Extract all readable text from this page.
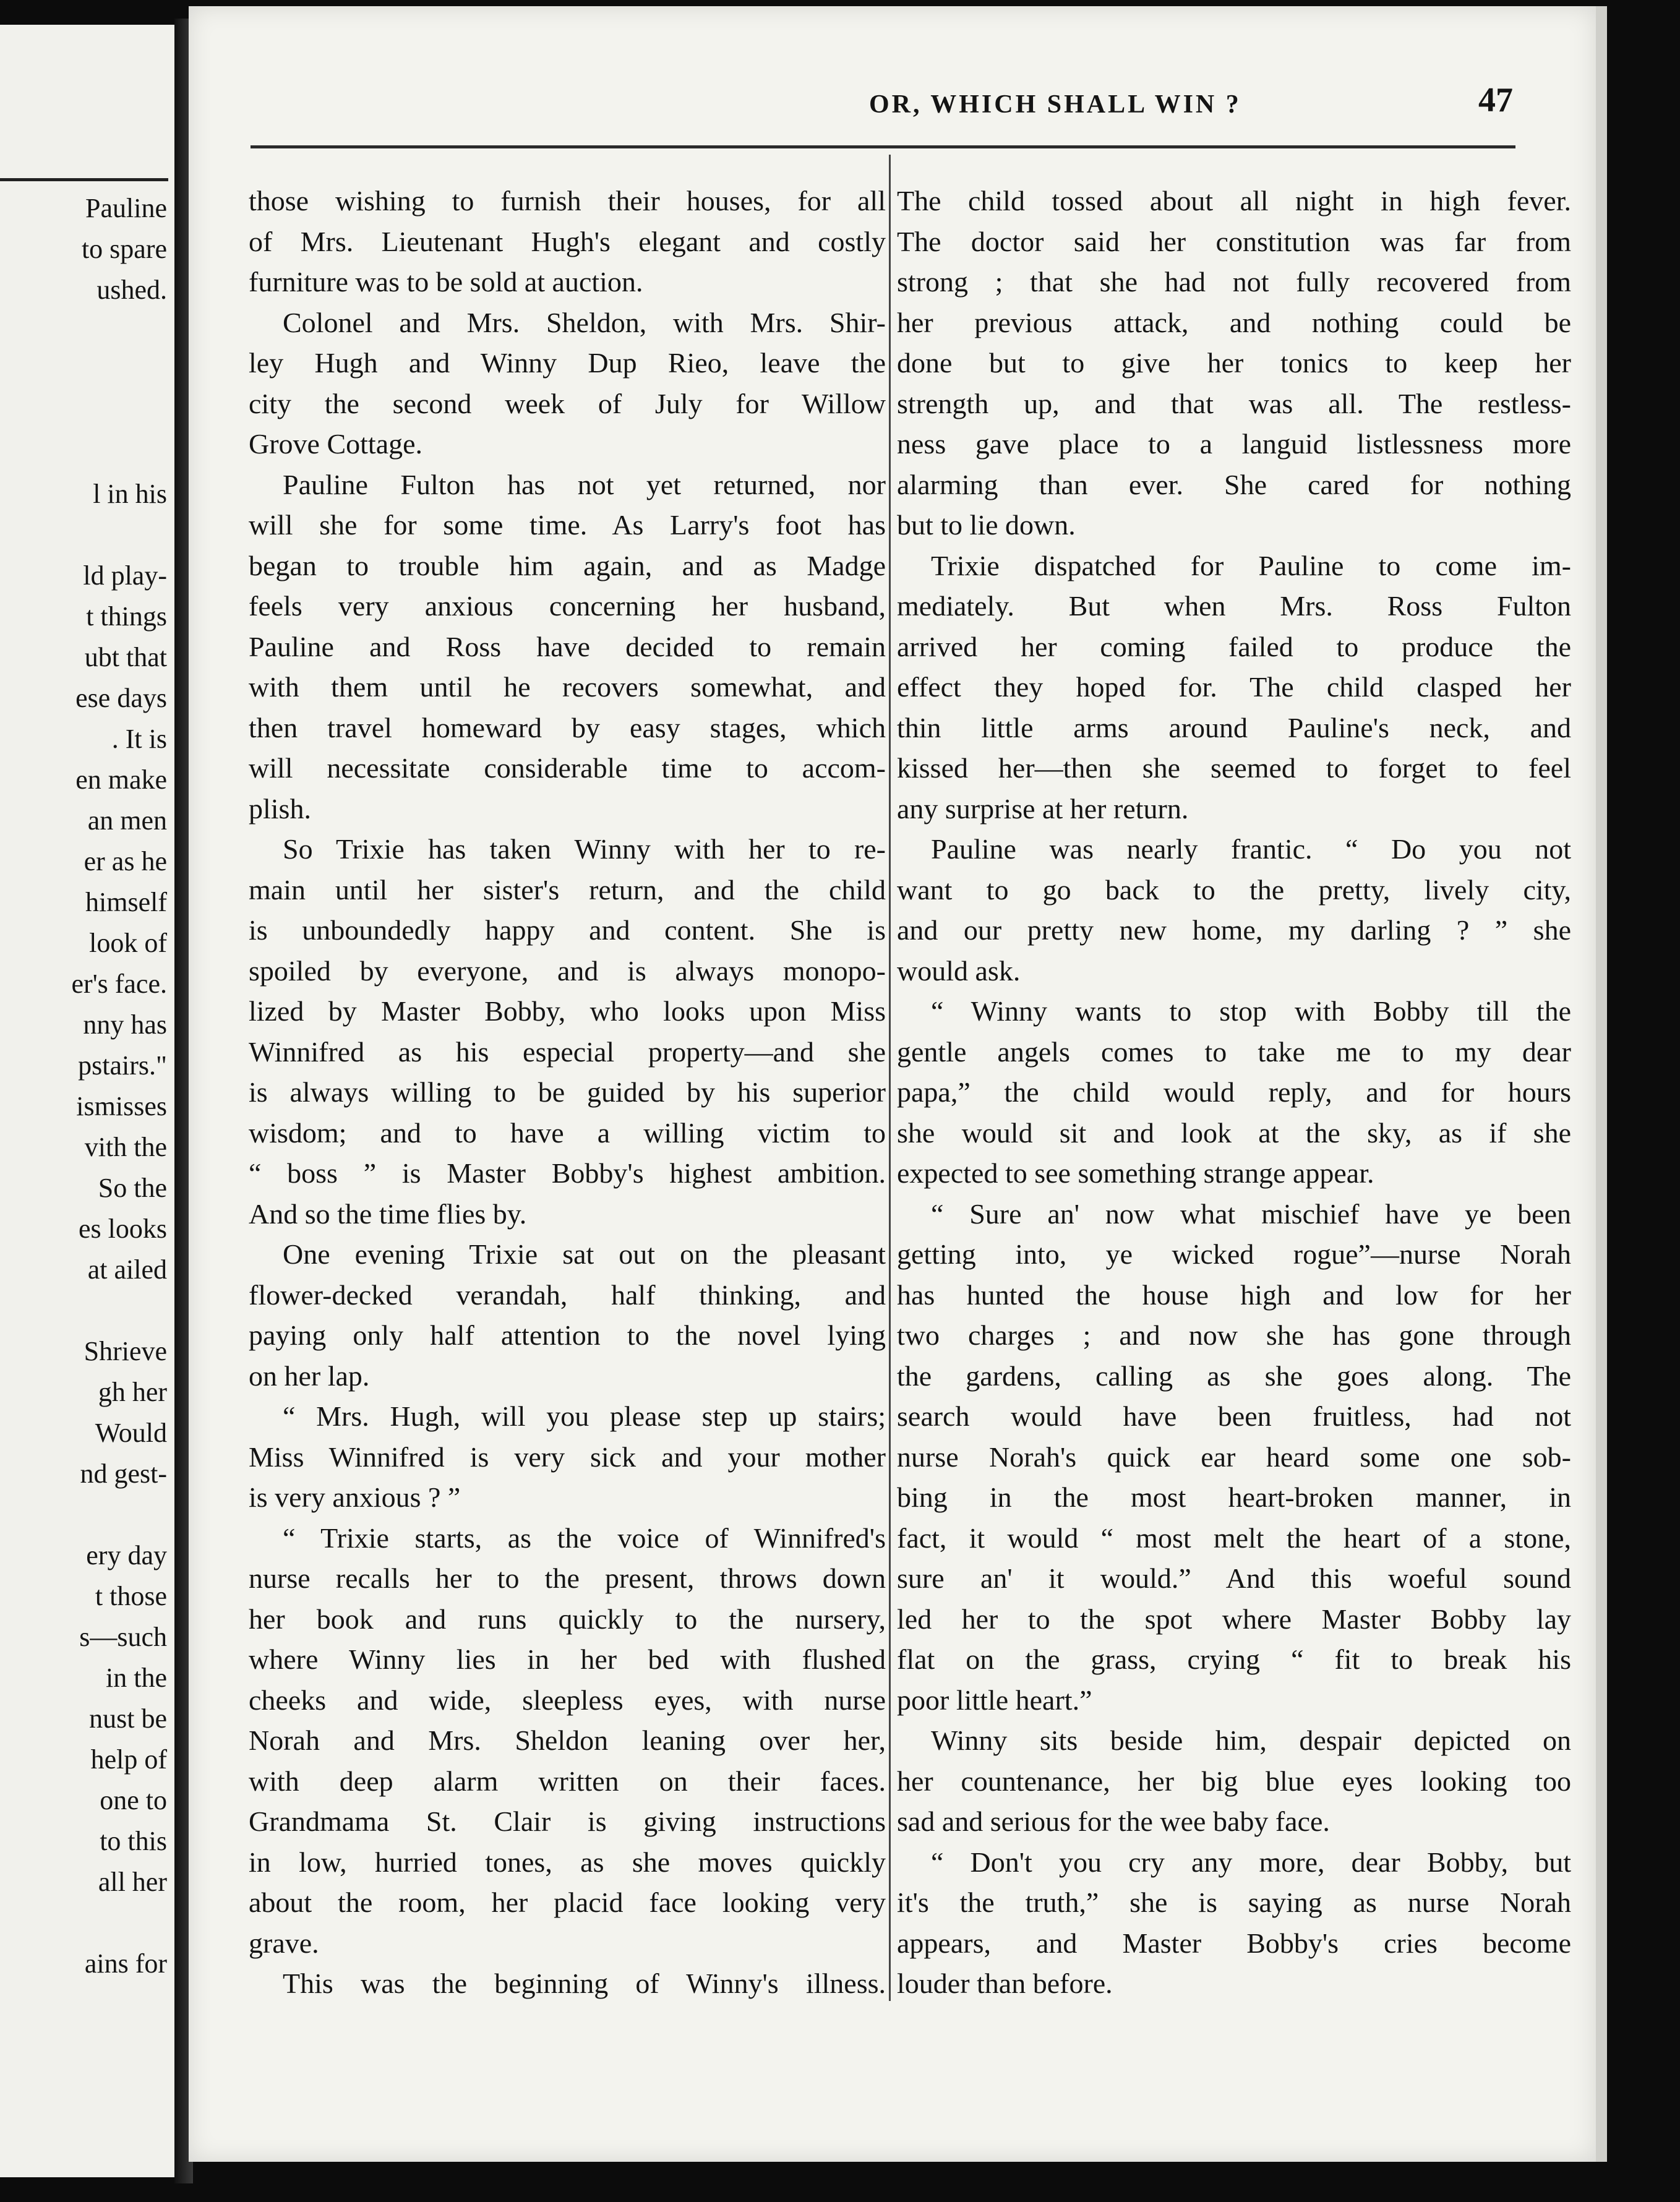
Pauline
to spare
ushed.
l in his
ld play-
t things
ubt that
ese days
. It is
en make
an men
er as he
himself
look of
er's face.
nny has
pstairs."
ismisses
vith the
So the
es looks
at ailed
Shrieve
gh her
Would
nd gest-
ery day
t those
s—such
in the
nust be
help of
one to
to this
all her
ains for
OR, WHICH SHALL WIN ?	47
those wishing to furnish their houses, for all
of Mrs. Lieutenant Hugh's elegant and costly
furniture was to be sold at auction.
Colonel and Mrs. Sheldon, with Mrs. Shir-
ley Hugh and Winny Dup Rieo, leave the
city the second week of July for Willow
Grove Cottage.
Pauline Fulton has not yet returned, nor
will she for some time. As Larry's foot has
began to trouble him again, and as Madge
feels very anxious concerning her husband,
Pauline and Ross have decided to remain
with them until he recovers somewhat, and
then travel homeward by easy stages, which
will necessitate considerable time to accom-
plish.
So Trixie has taken Winny with her to re-
main until her sister's return, and the child
is unboundedly happy and content. She is
spoiled by everyone, and is always monopo-
lized by Master Bobby, who looks upon Miss
Winnifred as his especial property—and she
is always willing to be guided by his superior
wisdom; and to have a willing victim to
“ boss ” is Master Bobby's highest ambition.
And so the time flies by.
One evening Trixie sat out on the pleasant
flower-decked verandah, half thinking, and
paying only half attention to the novel lying
on her lap.
“ Mrs. Hugh, will you please step up stairs;
Miss Winnifred is very sick and your mother
is very anxious ? ”
“ Trixie starts, as the voice of Winnifred's
nurse recalls her to the present, throws down
her book and runs quickly to the nursery,
where Winny lies in her bed with flushed
cheeks and wide, sleepless eyes, with nurse
Norah and Mrs. Sheldon leaning over her,
with deep alarm written on their faces.
Grandmama St. Clair is giving instructions
in low, hurried tones, as she moves quickly
about the room, her placid face looking very
grave.
This was the beginning of Winny's illness.
The child tossed about all night in high fever.
The doctor said her constitution was far from
strong ; that she had not fully recovered from
her previous attack, and nothing could be
done but to give her tonics to keep her
strength up, and that was all. The restless-
ness gave place to a languid listlessness more
alarming than ever. She cared for nothing
but to lie down.
Trixie dispatched for Pauline to come im-
mediately. But when Mrs. Ross Fulton
arrived her coming failed to produce the
effect they hoped for. The child clasped her
thin little arms around Pauline's neck, and
kissed her—then she seemed to forget to feel
any surprise at her return.
Pauline was nearly frantic. “ Do you not
want to go back to the pretty, lively city,
and our pretty new home, my darling ? ” she
would ask.
“ Winny wants to stop with Bobby till the
gentle angels comes to take me to my dear
papa,” the child would reply, and for hours
she would sit and look at the sky, as if she
expected to see something strange appear.
“ Sure an' now what mischief have ye been
getting into, ye wicked rogue”—nurse Norah
has hunted the house high and low for her
two charges ; and now she has gone through
the gardens, calling as she goes along. The
search would have been fruitless, had not
nurse Norah's quick ear heard some one sob-
bing in the most heart-broken manner, in
fact, it would “ most melt the heart of a stone,
sure an' it would.” And this woeful sound
led her to the spot where Master Bobby lay
flat on the grass, crying “ fit to break his
poor little heart.”
Winny sits beside him, despair depicted on
her countenance, her big blue eyes looking too
sad and serious for the wee baby face.
“ Don't you cry any more, dear Bobby, but
it's the truth,” she is saying as nurse Norah
appears, and Master Bobby's cries become
louder than before.
